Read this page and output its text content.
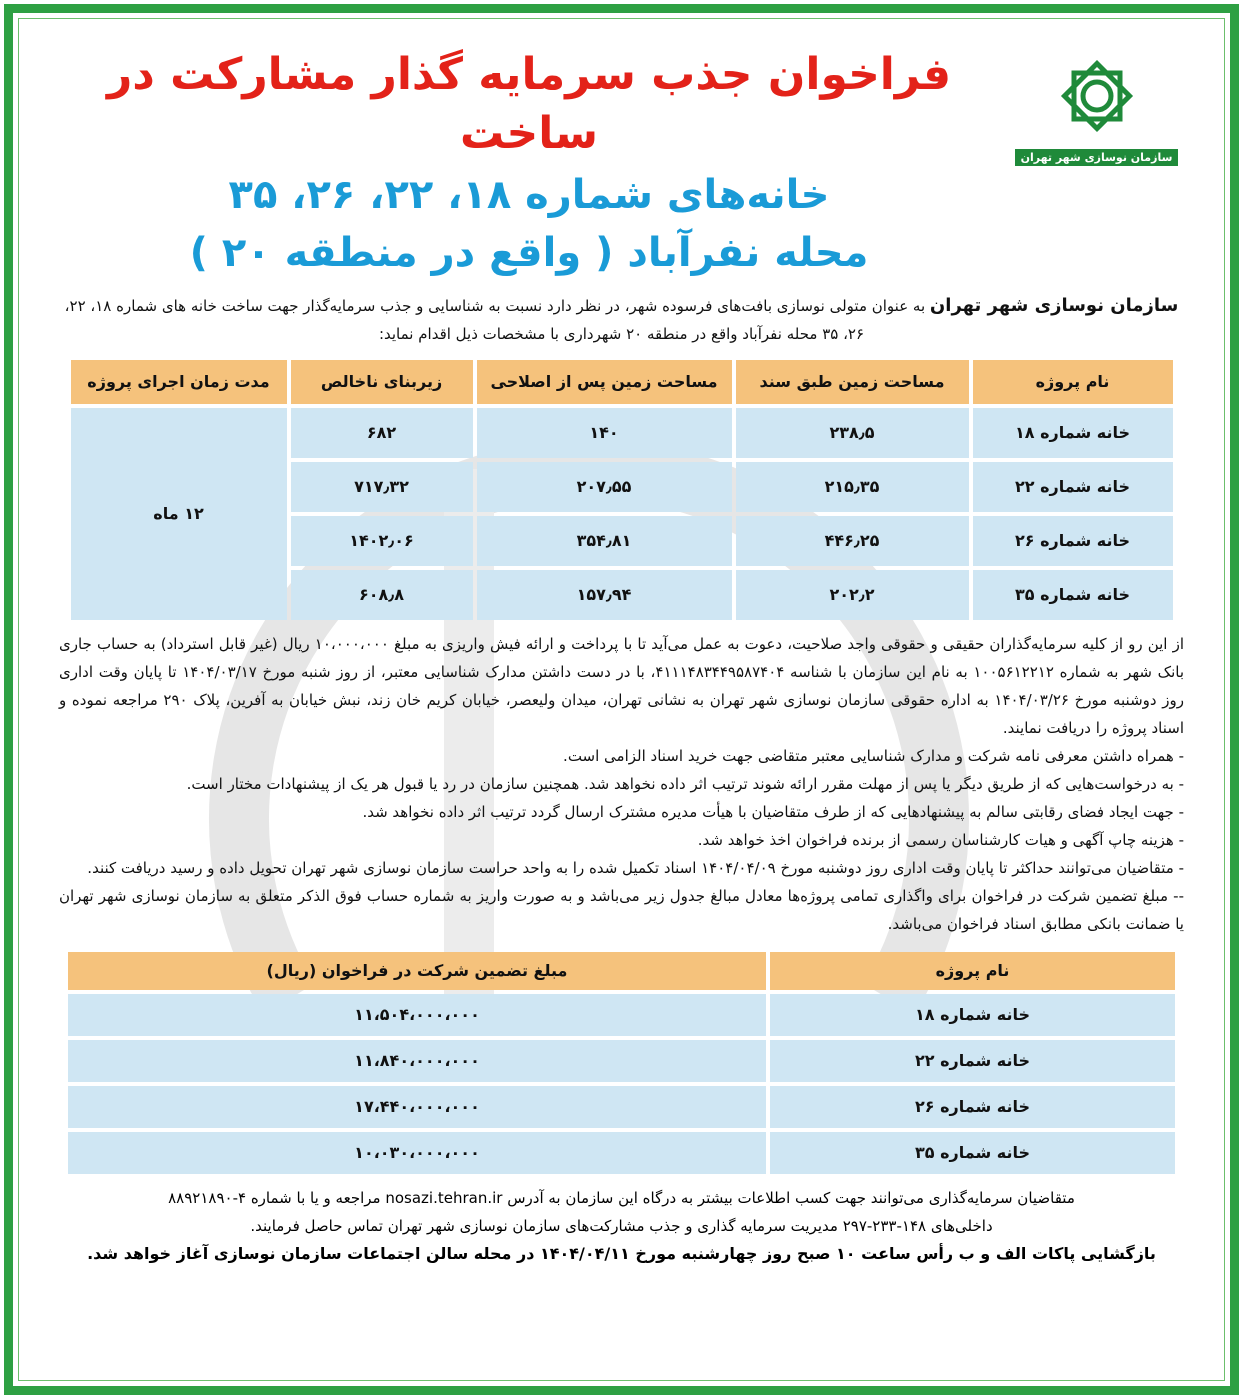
سازمان نوسازی شهر تهران
فراخوان جذب سرمایه گذار مشارکت در ساخت
خانه‌های شماره ۱۸، ۲۲، ۲۶، ۳۵
محله نفرآباد ( واقع در منطقه ۲۰ )
سازمان نوسازی شهر تهران به عنوان متولی نوسازی بافت‌های فرسوده شهر، در نظر دارد نسبت به شناسایی و جذب سرمایه‌گذار جهت ساخت خانه های شماره ۱۸، ۲۲، ۲۶، ۳۵ محله نفرآباد واقع در منطقه ۲۰ شهرداری با مشخصات ذیل اقدام نماید:
نام پروژه	مساحت زمین طبق سند	مساحت زمین پس از اصلاحی	زیربنای ناخالص	مدت زمان اجرای پروژه
خانه شماره ۱۸	۲۳۸٫۵	۱۴۰	۶۸۲	۱۲ ماه
خانه شماره ۲۲	۲۱۵٫۳۵	۲۰۷٫۵۵	۷۱۷٫۳۲	
خانه شماره ۲۶	۴۴۶٫۲۵	۳۵۴٫۸۱	۱۴۰۲٫۰۶	
خانه شماره ۳۵	۲۰۲٫۲	۱۵۷٫۹۴	۶۰۸٫۸	
از این رو از کلیه سرمایه‌گذاران حقیقی و حقوقی واجد صلاحیت، دعوت به عمل می‌آید تا با پرداخت و ارائه فیش واریزی به مبلغ ۱۰،۰۰۰،۰۰۰ ریال (غیر قابل استرداد) به حساب جاری بانک شهر به شماره ۱۰۰۵۶۱۲۲۱۲ به نام این سازمان با شناسه ۴۱۱۱۴۸۳۴۴۹۵۸۷۴۰۴، با در دست داشتن مدارک شناسایی معتبر، از روز شنبه مورخ ۱۴۰۴/۰۳/۱۷ تا پایان وقت اداری روز دوشنبه مورخ ۱۴۰۴/۰۳/۲۶ به اداره حقوقی سازمان نوسازی شهر تهران به نشانی تهران، میدان ولیعصر، خیابان کریم خان زند، نبش خیابان به آفرین، پلاک ۲۹۰ مراجعه نموده و اسناد پروژه را دریافت نمایند.
- همراه داشتن معرفی نامه شرکت و مدارک شناسایی معتبر متقاضی جهت خرید اسناد الزامی است.
- به درخواست‌هایی که از طریق دیگر یا پس از مهلت مقرر ارائه شوند ترتیب اثر داده نخواهد شد. همچنین سازمان در رد یا قبول هر یک از پیشنهادات مختار است.
- جهت ایجاد فضای رقابتی سالم به پیشنهادهایی که از طرف متقاضیان با هیأت مدیره مشترک ارسال گردد ترتیب اثر داده نخواهد شد.
- هزینه چاپ آگهی و هیات کارشناسان رسمی از برنده فراخوان اخذ خواهد شد.
- متقاضیان می‌توانند حداکثر تا پایان وقت اداری روز دوشنبه مورخ ۱۴۰۴/۰۴/۰۹ اسناد تکمیل شده را به واحد حراست سازمان نوسازی شهر تهران تحویل داده و رسید دریافت کنند.
-- مبلغ تضمین شرکت در فراخوان برای واگذاری تمامی پروژه‌ها معادل مبالغ جدول زیر می‌باشد و به صورت واریز به شماره حساب فوق الذکر متعلق به سازمان نوسازی شهر تهران یا ضمانت بانکی مطابق اسناد فراخوان می‌باشد.
نام پروژه	مبلغ تضمین شرکت در فراخوان (ریال)
خانه شماره ۱۸	۱۱،۵۰۴،۰۰۰،۰۰۰
خانه شماره ۲۲	۱۱،۸۴۰،۰۰۰،۰۰۰
خانه شماره ۲۶	۱۷،۴۴۰،۰۰۰،۰۰۰
خانه شماره ۳۵	۱۰،۰۳۰،۰۰۰،۰۰۰
متقاضیان سرمایه‌گذاری می‌توانند جهت کسب اطلاعات بیشتر به درگاه این سازمان به آدرس nosazi.tehran.ir مراجعه و یا با شماره ۴-۸۸۹۲۱۸۹۰
داخلی‌های ۱۴۸-۲۳۳-۲۹۷ مدیریت سرمایه گذاری و جذب مشارکت‌های سازمان نوسازی شهر تهران تماس حاصل فرمایند.
بازگشایی پاکات الف و ب رأس ساعت ۱۰ صبح روز چهارشنبه مورخ ۱۴۰۴/۰۴/۱۱ در محله سالن اجتماعات سازمان نوسازی آغاز خواهد شد.
